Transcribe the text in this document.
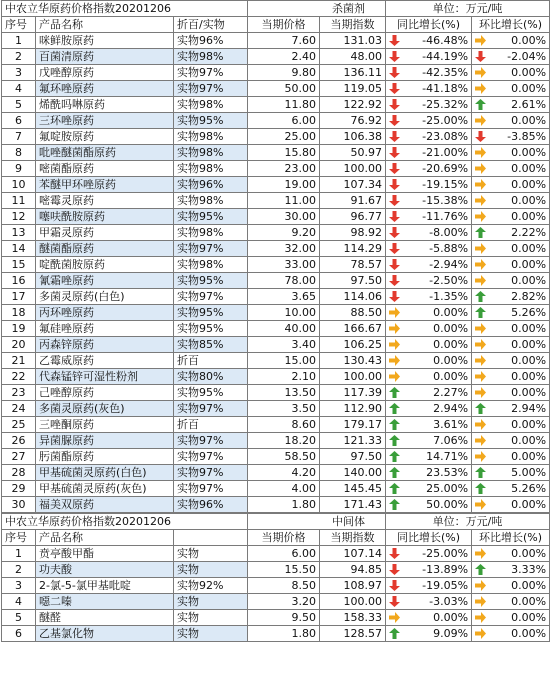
中农立华原药价格指数20201206			杀菌剂		单位：万元/吨	
序号	产品名称	折百/实物	当期价格	当期指数	同比增长(%)	环比增长(%)
1	咪鲜胺原药	实物96%	7.60	131.03	-46.48%	0.00%

2	百菌清原药	实物98%	2.40	48.00	-44.19%	-2.04%

3	戊唑醇原药	实物97%	9.80	136.11	-42.35%	0.00%

4	氟环唑原药	实物97%	50.00	119.05	-41.18%	0.00%

5	烯酰吗啉原药	实物98%	11.80	122.92	-25.32%	2.61%

6	三环唑原药	实物95%	6.00	76.92	-25.00%	0.00%

7	氟啶胺原药	实物98%	25.00	106.38	-23.08%	-3.85%

8	吡唑醚菌酯原药	实物98%	15.80	50.97	-21.00%	0.00%

9	嘧菌酯原药	实物98%	23.00	100.00	-20.69%	0.00%

10	苯醚甲环唑原药	实物96%	19.00	107.34	-19.15%	0.00%

11	嘧霉灵原药	实物98%	11.00	91.67	-15.38%	0.00%

12	噻呋酰胺原药	实物95%	30.00	96.77	-11.76%	0.00%

13	甲霜灵原药	实物98%	9.20	98.92	-8.00%	2.22%

14	醚菌酯原药	实物97%	32.00	114.29	-5.88%	0.00%

15	啶酰菌胺原药	实物98%	33.00	78.57	-2.94%	0.00%

16	氰霜唑原药	实物95%	78.00	97.50	-2.50%	0.00%

17	多菌灵原药(白色)	实物97%	3.65	114.06	-1.35%	2.82%

18	丙环唑原药	实物95%	10.00	88.50	0.00%	5.26%

19	氟硅唑原药	实物95%	40.00	166.67	0.00%	0.00%

20	丙森锌原药	实物85%	3.40	106.25	0.00%	0.00%

21	乙霉威原药	折百	15.00	130.43	0.00%	0.00%

22	代森锰锌可湿性粉剂	实物80%	2.10	100.00	0.00%	0.00%

23	己唑醇原药	实物95%	13.50	117.39	2.27%	0.00%

24	多菌灵原药(灰色)	实物97%	3.50	112.90	2.94%	2.94%

25	三唑酮原药	折百	8.60	179.17	3.61%	0.00%

26	异菌脲原药	实物97%	18.20	121.33	7.06%	0.00%

27	肟菌酯原药	实物97%	58.50	97.50	14.71%	0.00%

28	甲基硫菌灵原药(白色)	实物97%	4.20	140.00	23.53%	5.00%

29	甲基硫菌灵原药(灰色)	实物97%	4.00	145.45	25.00%	5.26%

30	福美双原药	实物96%	1.80	171.43	50.00%	0.00%
中农立华原药价格指数20201206			中间体		单位：万元/吨	
序号	产品名称		当期价格	当期指数	同比增长(%)	环比增长(%)
1	贲亭酸甲酯	实物	6.00	107.14	-25.00%	0.00%

2	功夫酸	实物	15.50	94.85	-13.89%	3.33%

3	2-氯-5-氯甲基吡啶	实物92%	8.50	108.97	-19.05%	0.00%

4	噁二嗪	实物	3.20	100.00	-3.03%	0.00%

5	醚醛	实物	9.50	158.33	0.00%	0.00%

6	乙基氯化物	实物	1.80	128.57	9.09%	0.00%
